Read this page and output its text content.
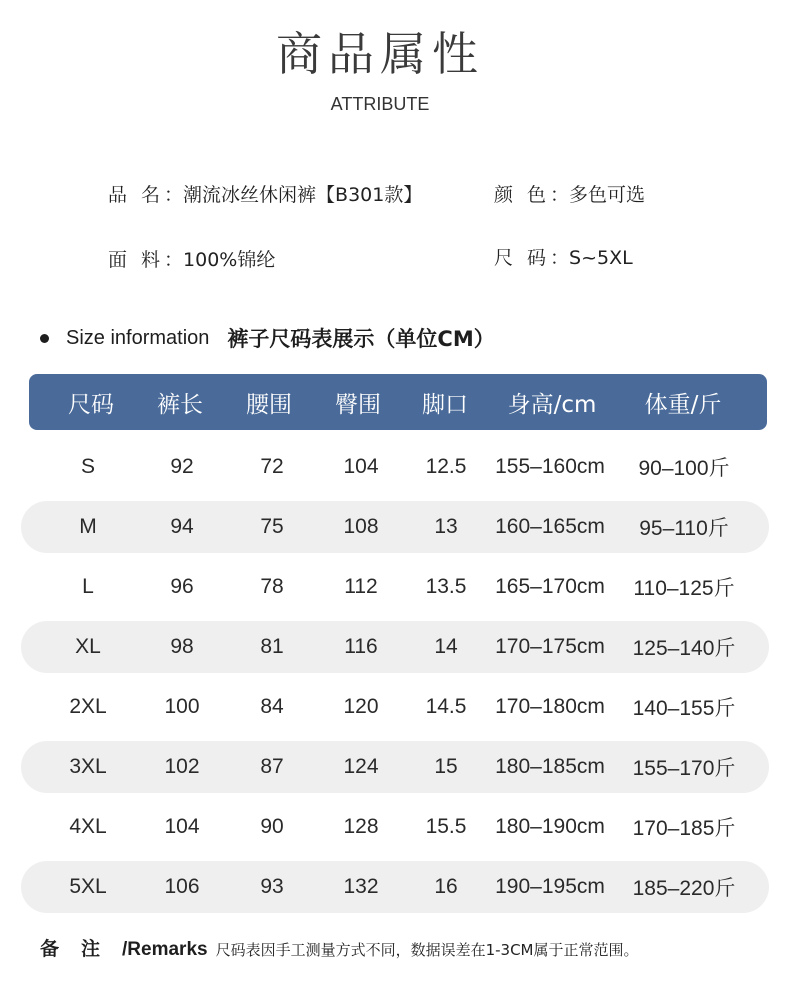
商品属性
ATTRIBUTE
品 名：潮流冰丝休闲裤【B301款】	颜 色：多色可选
面 料：100%锦纶	尺 码：S~5XL
Size information 裤子尺码表展示（单位CM）
尺码 裤长 腰围 臀围 脚口 身高/cm 体重/斤
S	92	72	104 12.5 155–160cm 90–100斤
M	94	75	108	13 160–165cm 95–110斤
L	96	78	112 13.5 165–170cm 110–125斤
XL	98	81	116	14 170–175cm 125–140斤
2XL	100	84	120 14.5 170–180cm 140–155斤
3XL	102	87	124	15 180–185cm 155–170斤
4XL	104	90	128 15.5 180–190cm 170–185斤
5XL	106	93	132	16 190–195cm 185–220斤
备注 /Remarks 尺码表因手工测量方式不同，数据误差在1-3CM属于正常范围。
